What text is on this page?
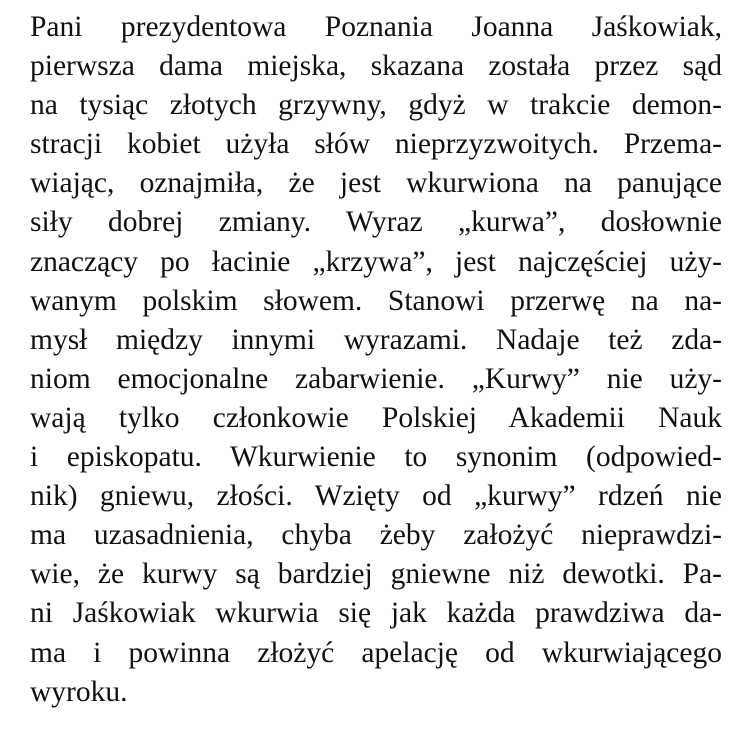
Pani prezydentowa Poznania Joanna Jaśkowiak,
pierwsza dama miejska, skazana została przez sąd
na tysiąc złotych grzywny, gdyż w trakcie demon-
stracji kobiet użyła słów nieprzyzwoitych. Przema-
wiając, oznajmiła, że jest wkurwiona na panujące
siły dobrej zmiany. Wyraz „kurwa”, dosłownie
znaczący po łacinie „krzywa”, jest najczęściej uży-
wanym polskim słowem. Stanowi przerwę na na-
mysł między innymi wyrazami. Nadaje też zda-
niom emocjonalne zabarwienie. „Kurwy” nie uży-
wają tylko członkowie Polskiej Akademii Nauk
i episkopatu. Wkurwienie to synonim (odpowied-
nik) gniewu, złości. Wzięty od „kurwy” rdzeń nie
ma uzasadnienia, chyba żeby założyć nieprawdzi-
wie, że kurwy są bardziej gniewne niż dewotki. Pa-
ni Jaśkowiak wkurwia się jak każda prawdziwa da-
ma i powinna złożyć apelację od wkurwiającego
wyroku.
